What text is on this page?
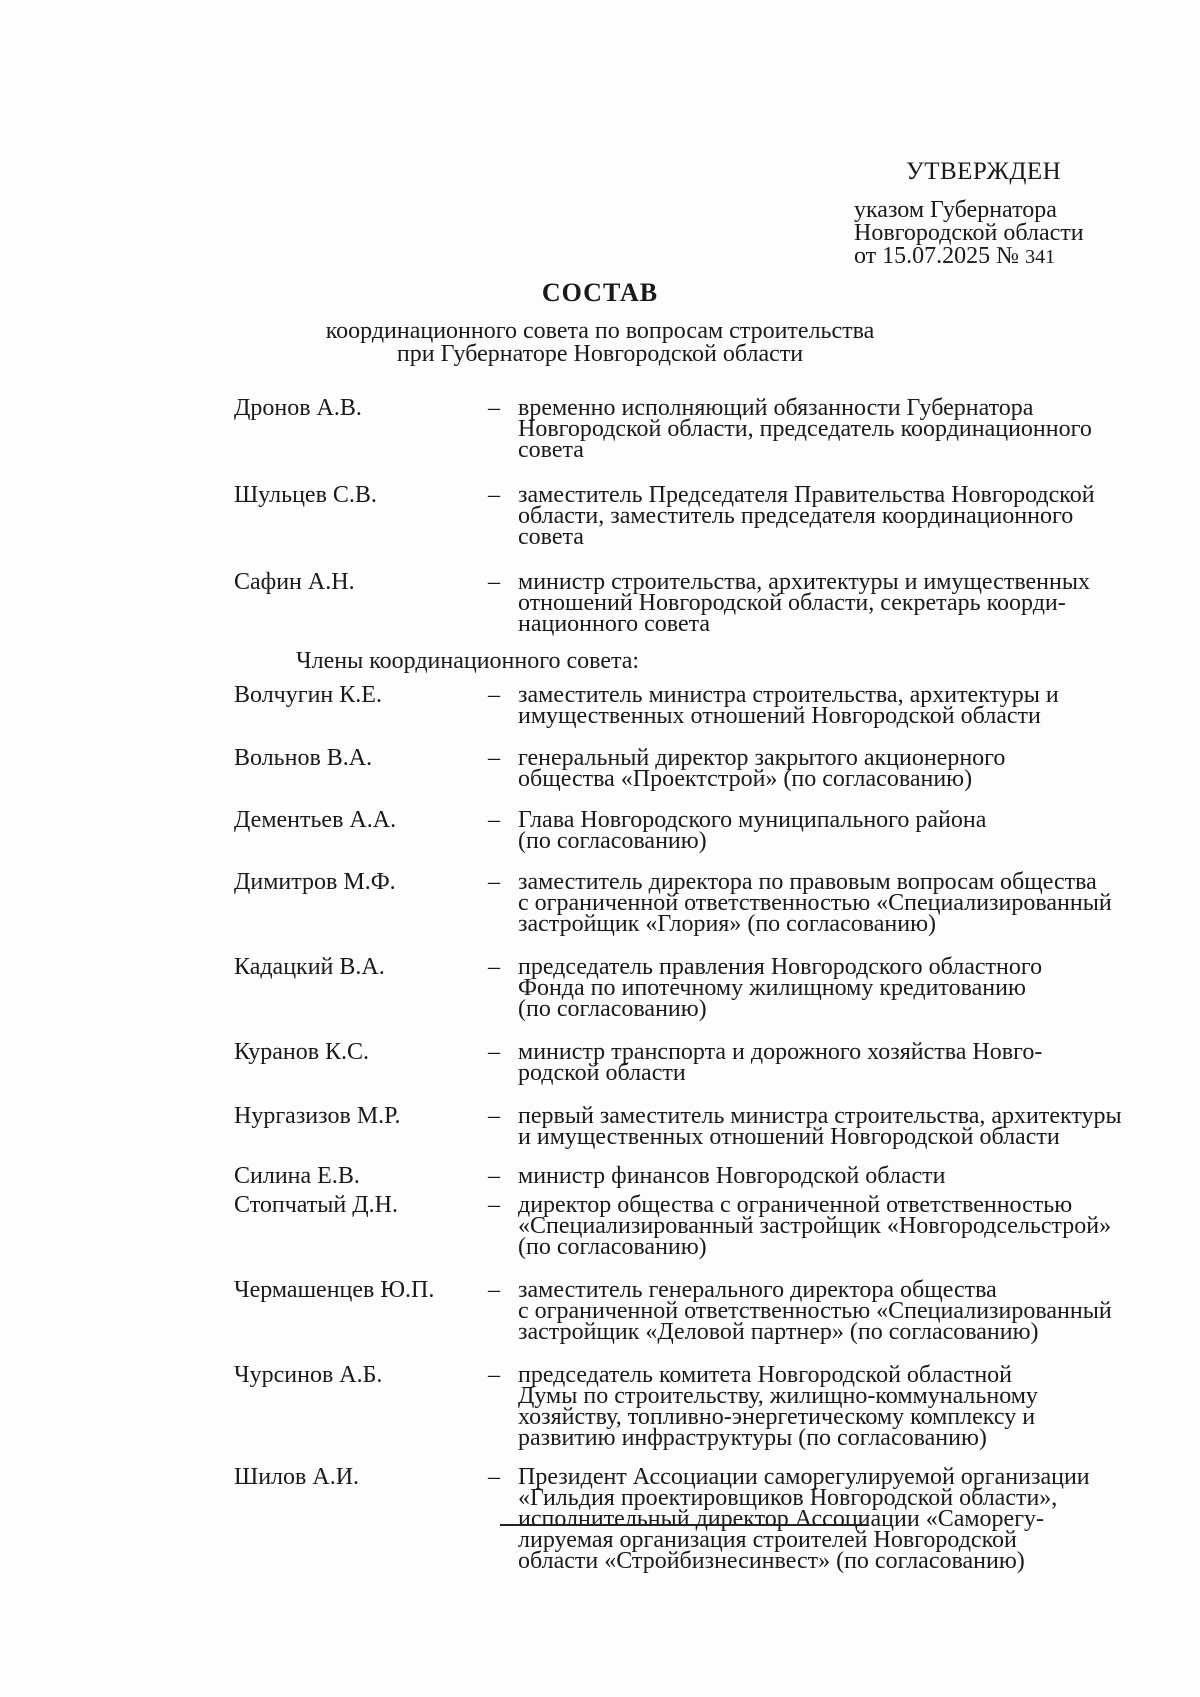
УТВЕРЖДЕН
указом Губернатора
Новгородской области
от 15.07.2025 № 341
СОСТАВ
координационного совета по вопросам строительства
при Губернаторе Новгородской области
Дронов А.В.	– временно исполняющий обязанности Губернатора
Новгородской области, председатель координационного
совета
Шульцев С.В.	– заместитель Председателя Правительства Новгородской
области, заместитель председателя координационного
совета
Сафин А.Н.	– министр строительства, архитектуры и имущественных
отношений Новгородской области, секретарь коорди-
национного совета
Члены координационного совета:
Волчугин К.Е.	– заместитель министра строительства, архитектуры и
имущественных отношений Новгородской области
Вольнов В.А.	– генеральный директор закрытого акционерного
общества «Проектстрой» (по согласованию)
Дементьев А.А.	– Глава Новгородского муниципального района
(по согласованию)
Димитров М.Ф.	– заместитель директора по правовым вопросам общества
с ограниченной ответственностью «Специализированный
застройщик «Глория» (по согласованию)
Кадацкий В.А.	– председатель правления Новгородского областного
Фонда по ипотечному жилищному кредитованию
(по согласованию)
Куранов К.С.	– министр транспорта и дорожного хозяйства Новго-
родской области
Нургазизов М.Р.	– первый заместитель министра строительства, архитектуры
и имущественных отношений Новгородской области
Силина Е.В.	– министр финансов Новгородской области
Стопчатый Д.Н.	– директор общества с ограниченной ответственностью
«Специализированный застройщик «Новгородсельстрой»
(по согласованию)
Чермашенцев Ю.П.	– заместитель генерального директора общества
с ограниченной ответственностью «Специализированный
застройщик «Деловой партнер» (по согласованию)
Чурсинов А.Б.	– председатель комитета Новгородской областной
Думы по строительству, жилищно-коммунальному
хозяйству, топливно-энергетическому комплексу и
развитию инфраструктуры (по согласованию)
Шилов А.И.	– Президент Ассоциации саморегулируемой организации
«Гильдия проектировщиков Новгородской области»,
исполнительный директор Ассоциации «Саморегу-
лируемая организация строителей Новгородской
области «Стройбизнесинвест» (по согласованию)
